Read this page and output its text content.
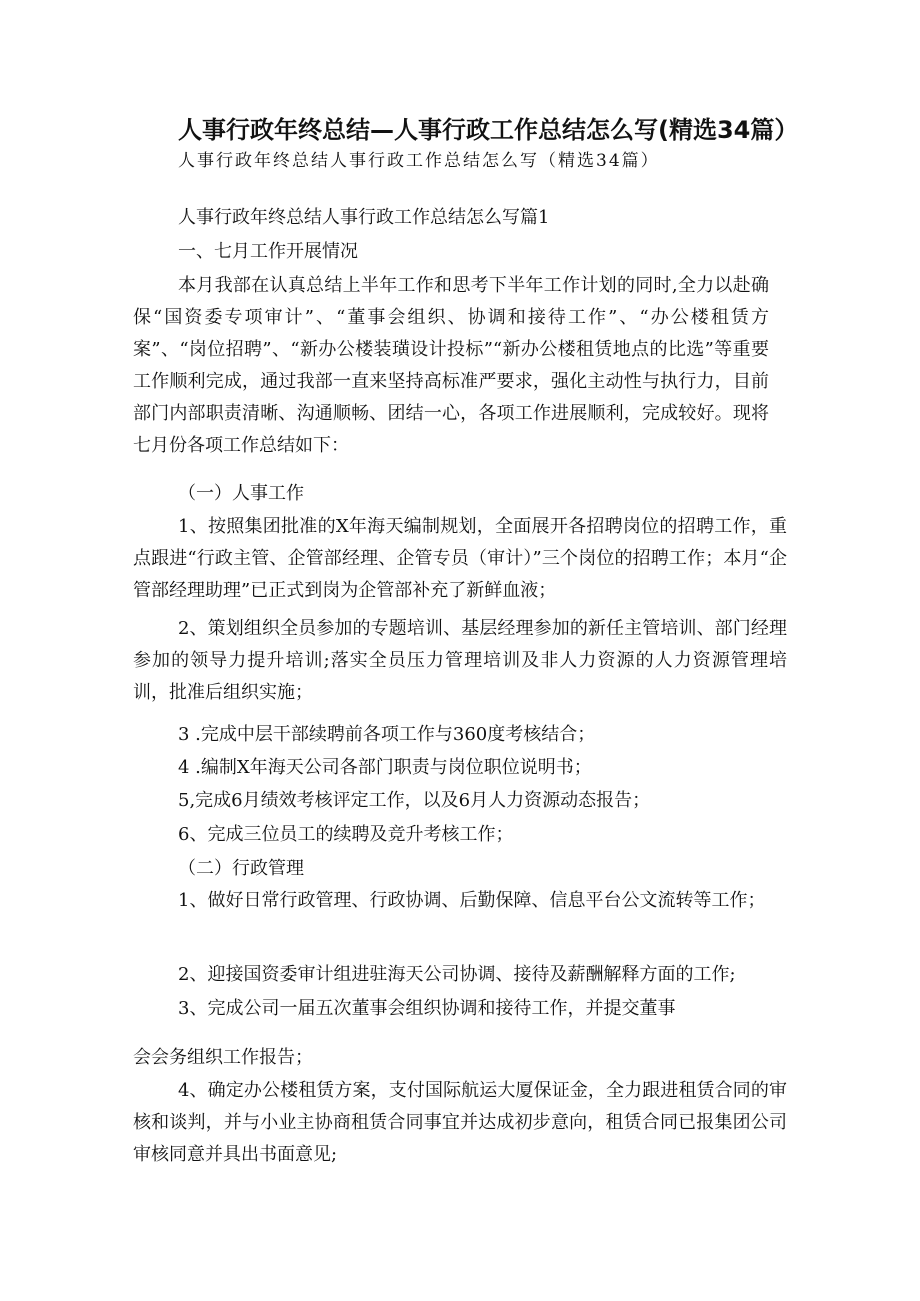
人事行政年终总结—人事行政工作总结怎么写(精选34篇）
人事行政年终总结人事行政工作总结怎么写（精选34篇）
人事行政年终总结人事行政工作总结怎么写篇1
一、七月工作开展情况
本月我部在认真总结上半年工作和思考下半年工作计划的同时,全力以赴确保“国资委专项审计”、“董事会组织、协调和接待工作”、“办公楼租赁方案”、“岗位招聘”、“新办公楼装璜设计投标”“新办公楼租赁地点的比选”等重要工作顺利完成，通过我部一直来坚持高标准严要求，强化主动性与执行力，目前部门内部职责清晰、沟通顺畅、团结一心，各项工作进展顺利，完成较好。现将七月份各项工作总结如下：
（一）人事工作
1、按照集团批准的X年海天编制规划，全面展开各招聘岗位的招聘工作，重点跟进“行政主管、企管部经理、企管专员（审计）”三个岗位的招聘工作；本月“企管部经理助理”已正式到岗为企管部补充了新鲜血液；
2、策划组织全员参加的专题培训、基层经理参加的新任主管培训、部门经理参加的领导力提升培训;落实全员压力管理培训及非人力资源的人力资源管理培训，批准后组织实施；
3 .完成中层干部续聘前各项工作与360度考核结合；
4 .编制X年海天公司各部门职责与岗位职位说明书；
5,完成6月绩效考核评定工作，以及6月人力资源动态报告；
6、完成三位员工的续聘及竞升考核工作；
（二）行政管理
1、做好日常行政管理、行政协调、后勤保障、信息平台公文流转等工作；
2、迎接国资委审计组进驻海天公司协调、接待及薪酬解释方面的工作;
3、完成公司一届五次董事会组织协调和接待工作，并提交董事
会会务组织工作报告；
4、确定办公楼租赁方案，支付国际航运大厦保证金，全力跟进租赁合同的审核和谈判，并与小业主协商租赁合同事宜并达成初步意向，租赁合同已报集团公司审核同意并具出书面意见;
